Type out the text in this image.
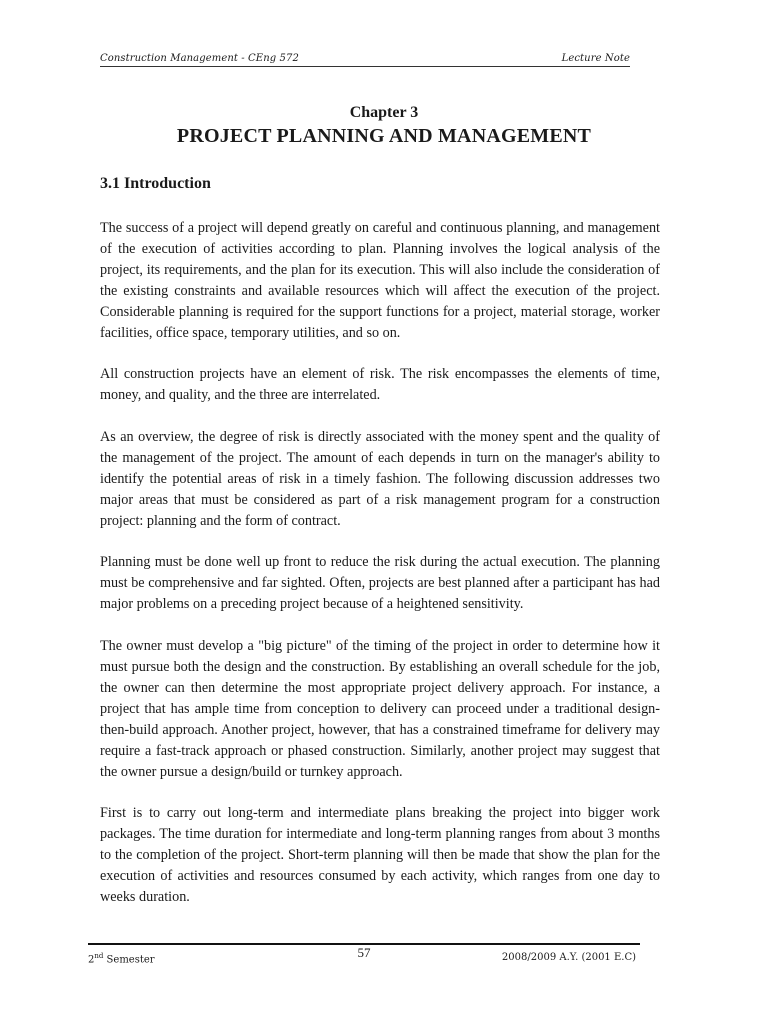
Construction Management - CEng 572	Lecture Note
Chapter 3
PROJECT PLANNING AND MANAGEMENT
3.1 Introduction

The success of a project will depend greatly on careful and continuous planning, and management of the execution of activities according to plan. Planning involves the logical analysis of the project, its requirements, and the plan for its execution. This will also include the consideration of the existing constraints and available resources which will affect the execution of the project. Considerable planning is required for the support functions for a project, material storage, worker facilities, office space, temporary utilities, and so on.

All construction projects have an element of risk. The risk encompasses the elements of time, money, and quality, and the three are interrelated.

As an overview, the degree of risk is directly associated with the money spent and the quality of the management of the project. The amount of each depends in turn on the manager's ability to identify the potential areas of risk in a timely fashion. The following discussion addresses two major areas that must be considered as part of a risk management program for a construction project: planning and the form of contract.

Planning must be done well up front to reduce the risk during the actual execution. The planning must be comprehensive and far sighted. Often, projects are best planned after a participant has had major problems on a preceding project because of a heightened sensitivity.

The owner must develop a "big picture" of the timing of the project in order to determine how it must pursue both the design and the construction. By establishing an overall schedule for the job, the owner can then determine the most appropriate project delivery approach. For instance, a project that has ample time from conception to delivery can proceed under a traditional design-then-build approach. Another project, however, that has a constrained timeframe for delivery may require a fast-track approach or phased construction. Similarly, another project may suggest that the owner pursue a design/build or turnkey approach.

First is to carry out long-term and intermediate plans breaking the project into bigger work packages. The time duration for intermediate and long-term planning ranges from about 3 months to the completion of the project. Short-term planning will then be made that show the plan for the execution of activities and resources consumed by each activity, which ranges from one day to weeks duration.

2nd Semester	57	2008/2009 A.Y. (2001 E.C)
